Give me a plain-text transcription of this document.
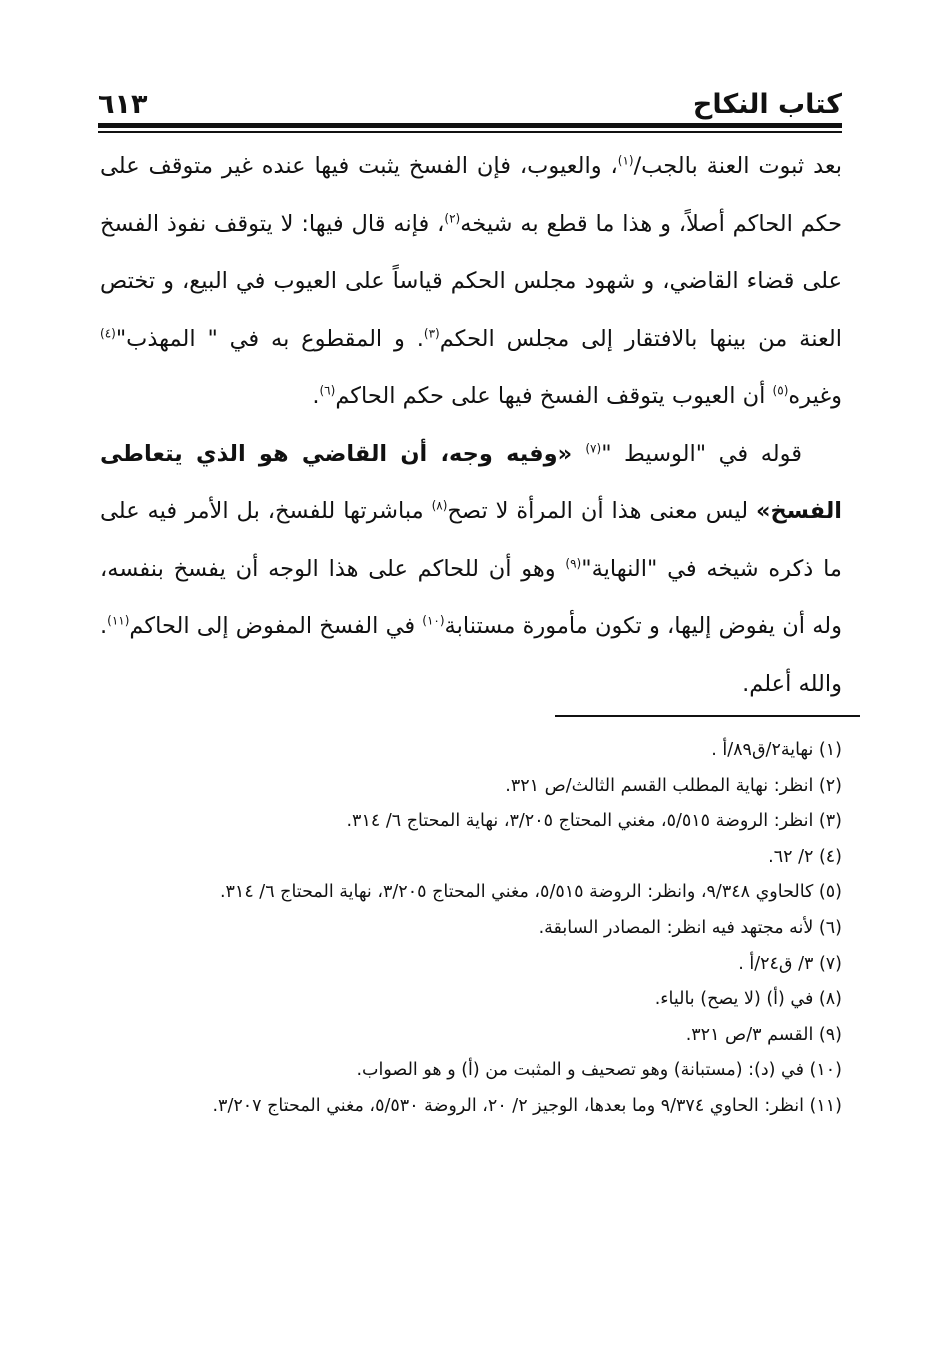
كتاب النكاح
٦١٣

بعد ثبوت العنة بالجب/$^{(١)}$، والعيوب، فإن الفسخ يثبت فيها عنده غير متوقف على حكم الحاكم أصلاً، و هذا ما قطع به شيخه$^{(٢)}$، فإنه قال فيها: لا يتوقف نفوذ الفسخ على قضاء القاضي، و شهود مجلس الحكم قياساً على العيوب في البيع، و تختص العنة من بينها بالافتقار إلى مجلس الحكم$^{(٣)}$. و المقطوع به في " المهذب"$^{(٤)}$ وغيره$^{(٥)}$ أن العيوب يتوقف الفسخ فيها على حكم الحاكم$^{(٦)}$.

قوله في "الوسيط "$^{(٧)}$ «وفيه وجه، أن القاضي هو الذي يتعاطى الفسخ» ليس معنى هذا أن المرأة لا تصح$^{(٨)}$ مباشرتها للفسخ، بل الأمر فيه على ما ذكره شيخه في "النهاية"$^{(٩)}$ وهو أن للحاكم على هذا الوجه أن يفسخ بنفسه، وله أن يفوض إليها، و تكون مأمورة مستنابة$^{(١٠)}$ في الفسخ المفوض إلى الحاكم$^{(١١)}$. والله أعلم.

(١) نهاية٢/ق٨٩/أ .

(٢) انظر: نهاية المطلب القسم الثالث/ص ٣٢١.

(٣) انظر: الروضة ٥/٥١٥، مغني المحتاج ٣/٢٠٥، نهاية المحتاج ٦/ ٣١٤.

(٤) ٢/ ٦٢.

(٥) كالحاوي ٩/٣٤٨، وانظر: الروضة ٥/٥١٥، مغني المحتاج ٣/٢٠٥، نهاية المحتاج ٦/ ٣١٤.

(٦) لأنه مجتهد فيه انظر: المصادر السابقة.

(٧) ٣/ ق٢٤/أ .

(٨) في (أ) (لا يصح) بالياء.

(٩) القسم ٣/ص ٣٢١.

(١٠) في (د): (مستبانة) وهو تصحيف و المثبت من (أ) و هو الصواب.

(١١) انظر: الحاوي ٩/٣٧٤ وما بعدها، الوجيز ٢/ ٢٠، الروضة ٥/٥٣٠، مغني المحتاج ٣/٢٠٧.
